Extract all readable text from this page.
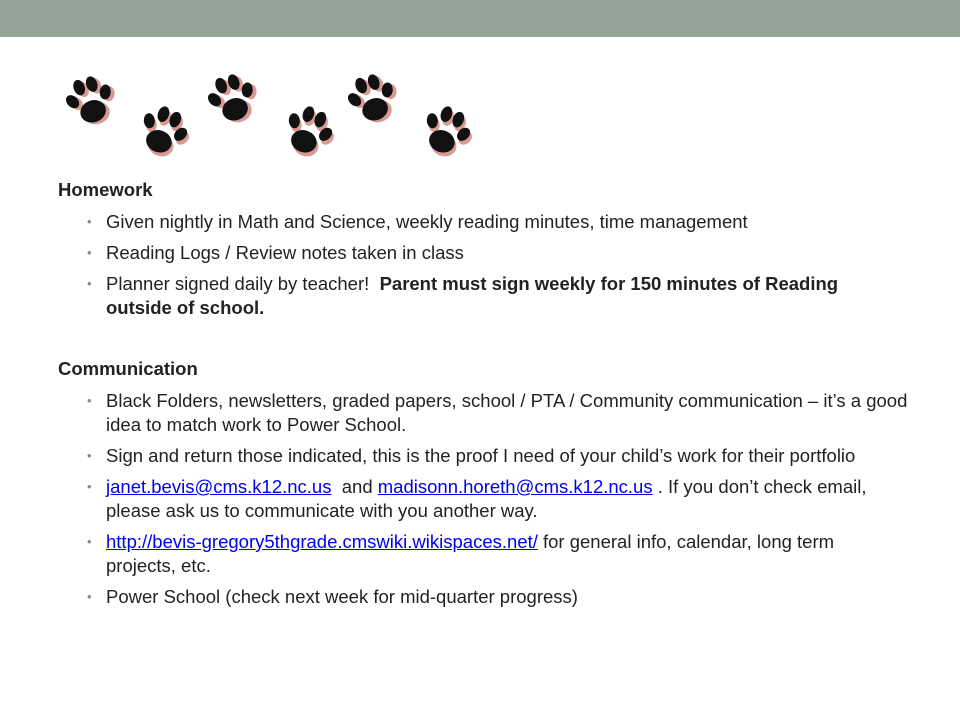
Homework
• Given nightly in Math and Science, weekly reading minutes, time management
• Reading Logs / Review notes taken in class
• Planner signed daily by teacher! Parent must sign weekly for 150 minutes of Reading outside of school.
Communication
• Black Folders, newsletters, graded papers, school / PTA / Community communication – it’s a good idea to match work to Power School.
• Sign and return those indicated, this is the proof I need of your child’s work for their portfolio
• janet.bevis@cms.k12.nc.us and madisonn.horeth@cms.k12.nc.us . If you don’t check email, please ask us to communicate with you another way.
• http://bevis-gregory5thgrade.cmswiki.wikispaces.net/ for general info, calendar, long term projects, etc.
• Power School (check next week for mid-quarter progress)
